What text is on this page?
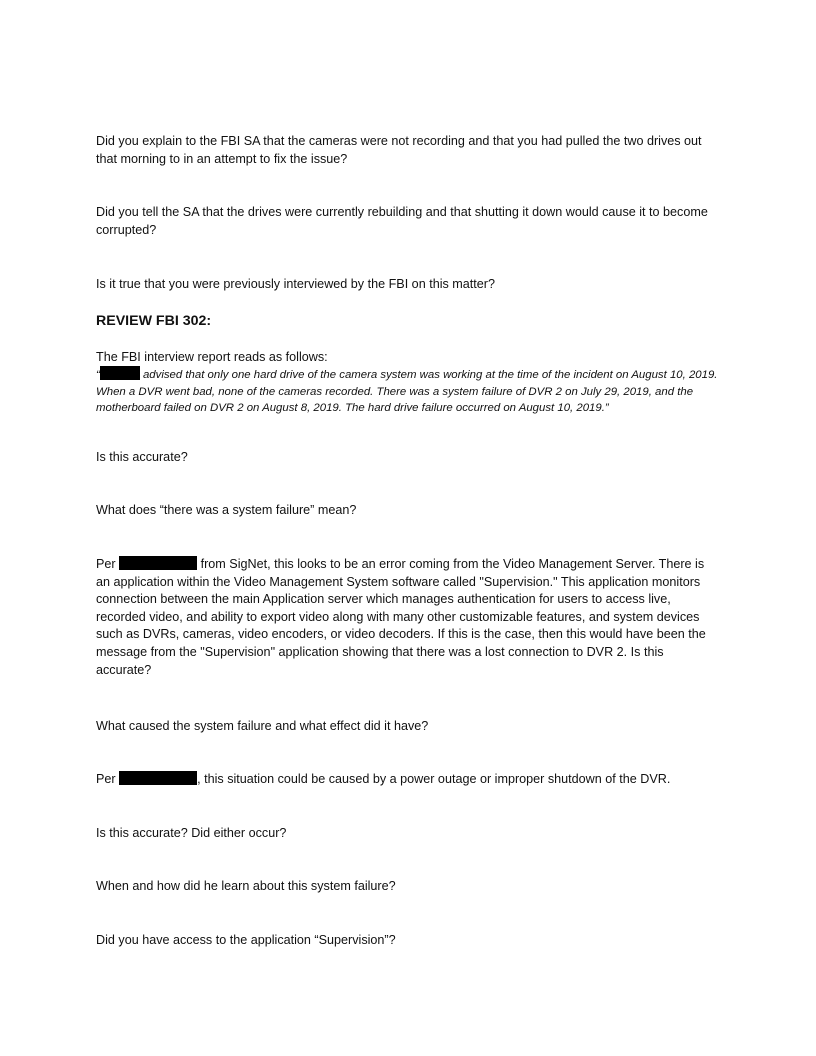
Did you explain to the FBI SA that the cameras were not recording and that you had pulled the two drives out that morning to in an attempt to fix the issue?

Did you tell the SA that the drives were currently rebuilding and that shutting it down would cause it to become corrupted?

Is it true that you were previously interviewed by the FBI on this matter?

REVIEW FBI 302:

The FBI interview report reads as follows:

“	advised that only one hard drive of the camera system was working at the time of the incident on August 10, 2019. When a DVR went bad, none of the cameras recorded. There was a system failure of DVR 2 on July 29, 2019, and the motherboard failed on DVR 2 on August 8, 2019. The hard drive failure occurred on August 10, 2019.”

Is this accurate?

What does “there was a system failure” mean?

Per	from SigNet, this looks to be an error coming from the Video Management Server. There is an application within the Video Management System software called "Supervision." This application monitors connection between the main Application server which manages authentication for users to access live, recorded video, and ability to export video along with many other customizable features, and system devices such as DVRs, cameras, video encoders, or video decoders. If this is the case, then this would have been the message from the "Supervision" application showing that there was a lost connection to DVR 2. Is this accurate?

What caused the system failure and what effect did it have?

Per	, this situation could be caused by a power outage or improper shutdown of the DVR.

Is this accurate? Did either occur?

When and how did he learn about this system failure?

Did you have access to the application “Supervision”?
